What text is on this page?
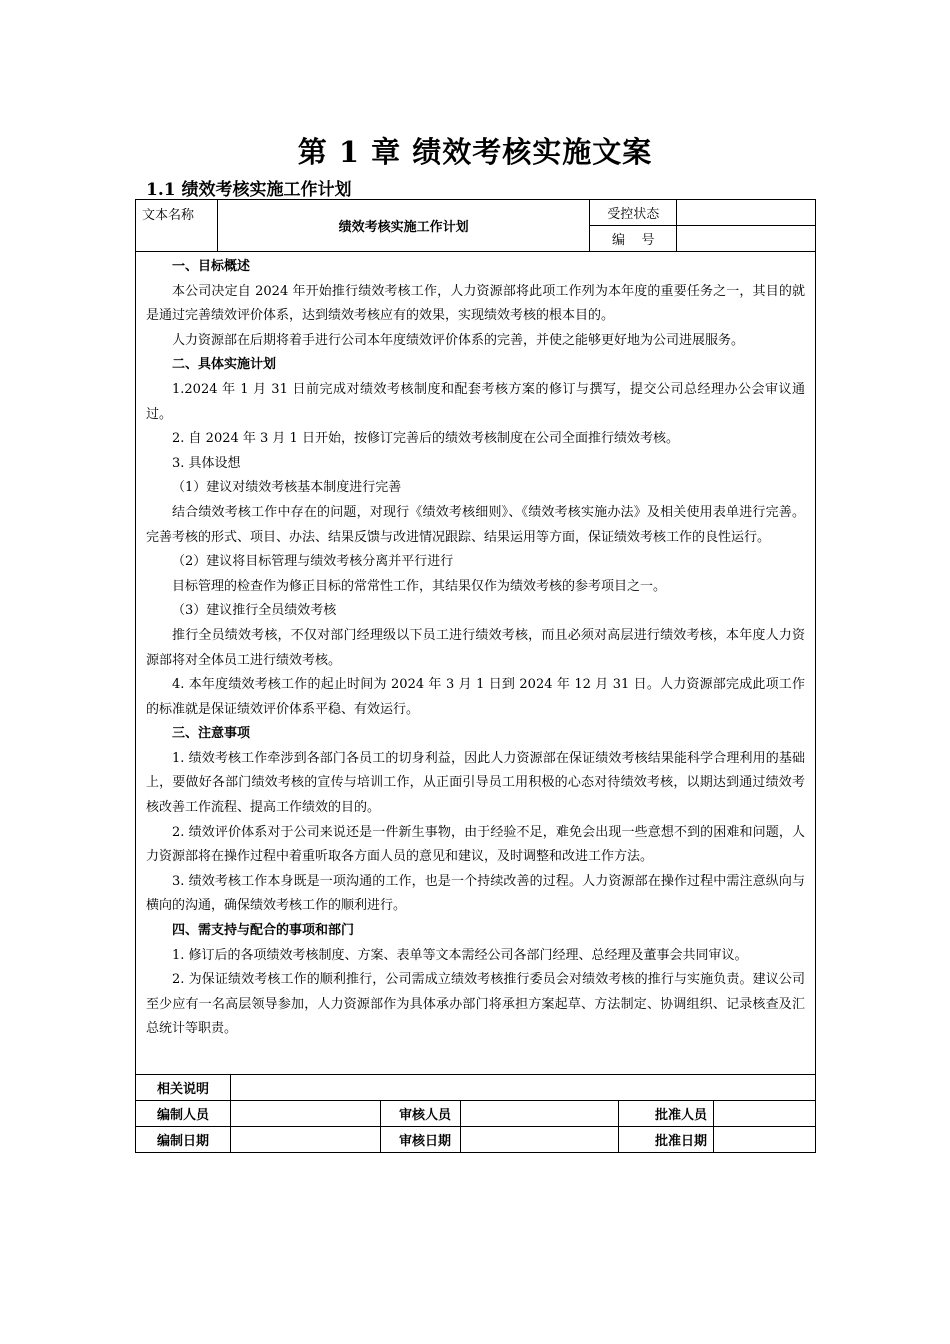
第 1 章 绩效考核实施文案
1.1 绩效考核实施工作计划
文本名称	绩效考核实施工作计划	受控状态	
		编    号	

一、目标概述

本公司决定自 2024 年开始推行绩效考核工作，人力资源部将此项工作列为本年度的重要任务之一，其目的就是通过完善绩效评价体系，达到绩效考核应有的效果，实现绩效考核的根本目的。

人力资源部在后期将着手进行公司本年度绩效评价体系的完善，并使之能够更好地为公司进展服务。

二、具体实施计划

1.2024 年 1 月 31 日前完成对绩效考核制度和配套考核方案的修订与撰写，提交公司总经理办公会审议通过。

2. 自 2024 年 3 月 1 日开始，按修订完善后的绩效考核制度在公司全面推行绩效考核。

3. 具体设想

（1）建议对绩效考核基本制度进行完善

结合绩效考核工作中存在的问题，对现行《绩效考核细则》、《绩效考核实施办法》及相关使用表单进行完善。完善考核的形式、项目、办法、结果反馈与改进情况跟踪、结果运用等方面，保证绩效考核工作的良性运行。

（2）建议将目标管理与绩效考核分离并平行进行

目标管理的检查作为修正目标的常常性工作，其结果仅作为绩效考核的参考项目之一。

（3）建议推行全员绩效考核

推行全员绩效考核，不仅对部门经理级以下员工进行绩效考核，而且必须对高层进行绩效考核，本年度人力资源部将对全体员工进行绩效考核。

4. 本年度绩效考核工作的起止时间为 2024 年 3 月 1 日到 2024 年 12 月 31 日。人力资源部完成此项工作的标准就是保证绩效评价体系平稳、有效运行。

三、注意事项

1. 绩效考核工作牵涉到各部门各员工的切身利益，因此人力资源部在保证绩效考核结果能科学合理利用的基础上，要做好各部门绩效考核的宣传与培训工作，从正面引导员工用积极的心态对待绩效考核，以期达到通过绩效考核改善工作流程、提高工作绩效的目的。

2. 绩效评价体系对于公司来说还是一件新生事物，由于经验不足，难免会出现一些意想不到的困难和问题，人力资源部将在操作过程中着重听取各方面人员的意见和建议，及时调整和改进工作方法。

3. 绩效考核工作本身既是一项沟通的工作，也是一个持续改善的过程。人力资源部在操作过程中需注意纵向与横向的沟通，确保绩效考核工作的顺利进行。

四、需支持与配合的事项和部门

1. 修订后的各项绩效考核制度、方案、表单等文本需经公司各部门经理、总经理及董事会共同审议。

2. 为保证绩效考核工作的顺利推行，公司需成立绩效考核推行委员会对绩效考核的推行与实施负责。建议公司至少应有一名高层领导参加，人力资源部作为具体承办部门将承担方案起草、方法制定、协调组织、记录核查及汇总统计等职责。

相关说明					
编制人员		审核人员		批准人员	
编制日期		审核日期		批准日期	
